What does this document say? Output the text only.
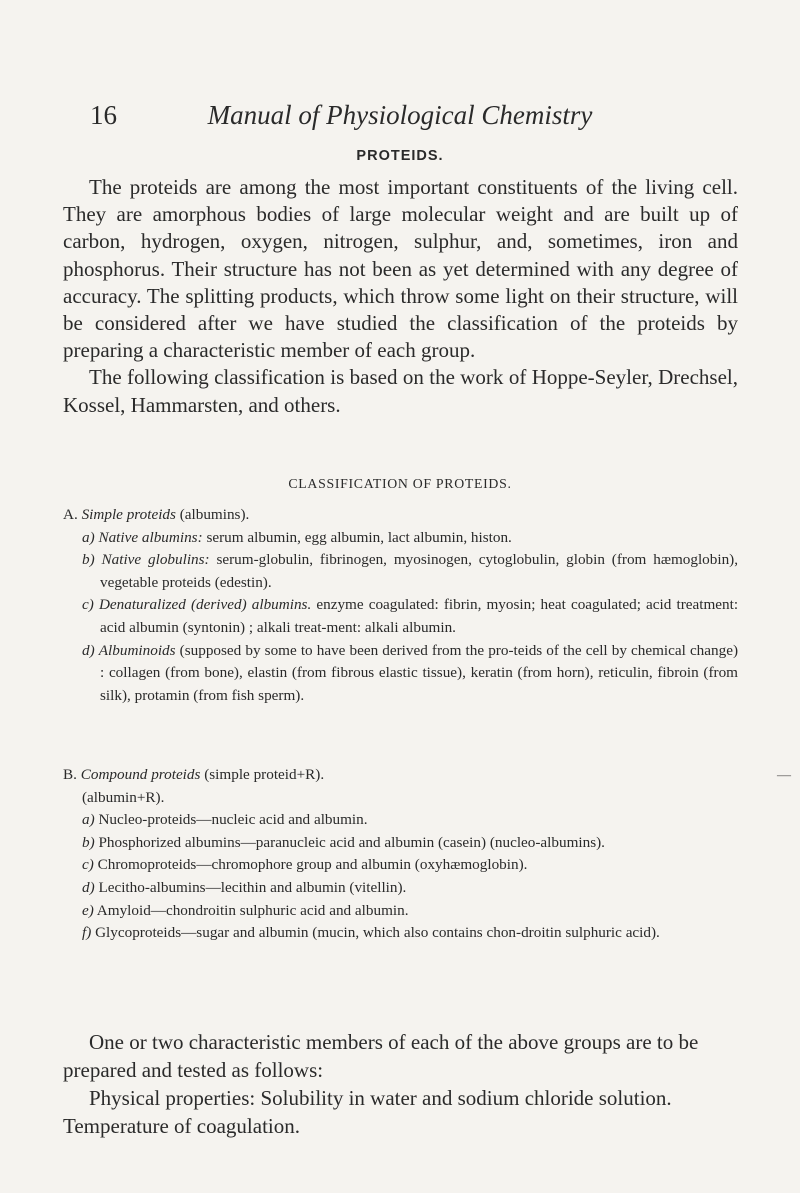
16	Manual of Physiological Chemistry
PROTEIDS.

The proteids are among the most important constituents of the living cell. They are amorphous bodies of large molecular weight and are built up of carbon, hydrogen, oxygen, nitrogen, sulphur, and, sometimes, iron and phosphorus. Their structure has not been as yet determined with any degree of accuracy. The splitting products, which throw some light on their structure, will be considered after we have studied the classification of the proteids by preparing a characteristic member of each group.

The following classification is based on the work of Hoppe-Seyler, Drechsel, Kossel, Hammarsten, and others.

CLASSIFICATION OF PROTEIDS.

A. Simple proteids (albumins).

a) Native albumins: serum albumin, egg albumin, lact albumin, histon.

b) Native globulins: serum-globulin, fibrinogen, myosinogen, cytoglobulin, globin (from hæmoglobin), vegetable proteids (edestin).

c) Denaturalized (derived) albumins. enzyme coagulated: fibrin, myosin; heat coagulated; acid treatment: acid albumin (syntonin) ; alkali treat-ment: alkali albumin.

d) Albuminoids (supposed by some to have been derived from the pro-teids of the cell by chemical change) : collagen (from bone), elastin (from fibrous elastic tissue), keratin (from horn), reticulin, fibroin (from silk), protamin (from fish sperm).

B. Compound proteids (simple proteid+R).

(albumin+R).

a) Nucleo-proteids—nucleic acid and albumin.

b) Phosphorized albumins—paranucleic acid and albumin (casein) (nucleo-albumins).

c) Chromoproteids—chromophore group and albumin (oxyhæmoglobin).

d) Lecitho-albumins—lecithin and albumin (vitellin).

e) Amyloid—chondroitin sulphuric acid and albumin.

f) Glycoproteids—sugar and albumin (mucin, which also contains chon-droitin sulphuric acid).

One or two characteristic members of each of the above groups are to be prepared and tested as follows:

Physical properties: Solubility in water and sodium chloride solution. Temperature of coagulation.

—
